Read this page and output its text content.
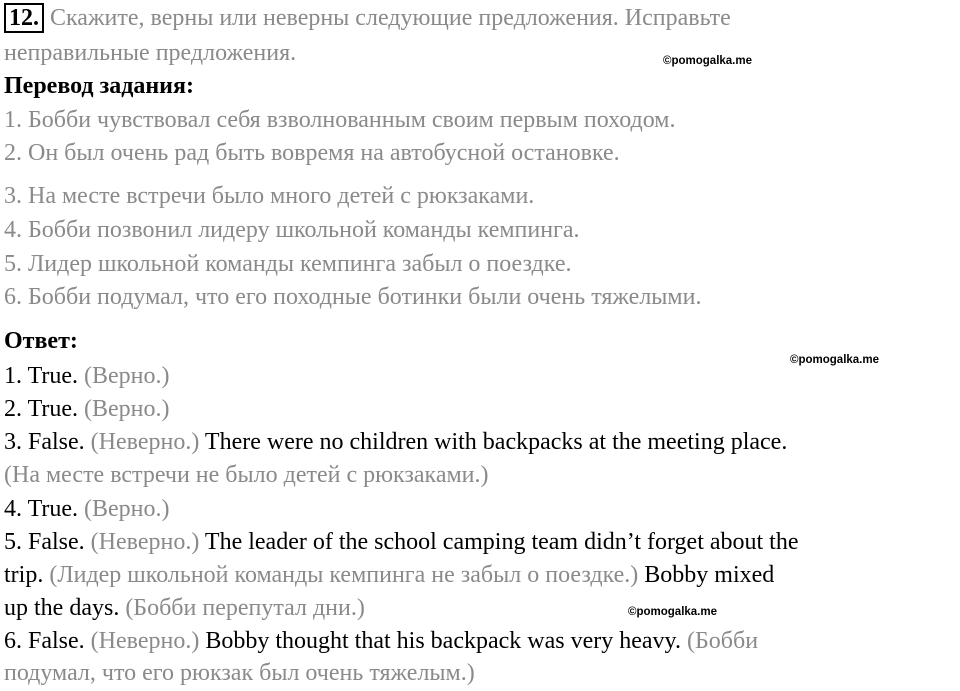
12. Скажите, верны или неверны следующие предложения. Исправьте
неправильные предложения.	©pomogalka.me
Перевод задания:
1. Бобби чувствовал себя взволнованным своим первым походом.
2. Он был очень рад быть вовремя на автобусной остановке.
3. На месте встречи было много детей с рюкзаками.
4. Бобби позвонил лидеру школьной команды кемпинга.
5. Лидер школьной команды кемпинга забыл о поездке.
6. Бобби подумал, что его походные ботинки были очень тяжелыми.
Ответ:
©pomogalka.me
1. True. (Верно.)
2. True. (Верно.)
3. False. (Неверно.) There were no children with backpacks at the meeting place.
(На месте встречи не было детей с рюкзаками.)
4. True. (Верно.)
5. False. (Неверно.) The leader of the school camping team didn’t forget about the
trip. (Лидер школьной команды кемпинга не забыл о поездке.) Bobby mixed
up the days. (Бобби перепутал дни.)	©pomogalka.me
6. False. (Неверно.) Bobby thought that his backpack was very heavy. (Бобби
подумал, что его рюкзак был очень тяжелым.)
